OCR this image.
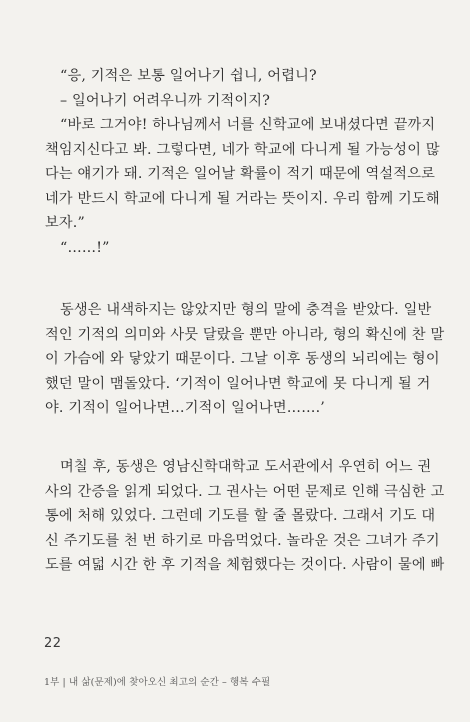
“응, 기적은 보통 일어나기 쉽니, 어렵니?
– 일어나기 어려우니까 기적이지?
“바로 그거야! 하나님께서 너를 신학교에 보내셨다면 끝까지
책임지신다고 봐. 그렇다면, 네가 학교에 다니게 될 가능성이 많
다는 얘기가 돼. 기적은 일어날 확률이 적기 때문에 역설적으로
네가 반드시 학교에 다니게 될 거라는 뜻이지. 우리 함께 기도해
보자.”
“……!”
동생은 내색하지는 않았지만 형의 말에 충격을 받았다. 일반
적인 기적의 의미와 사뭇 달랐을 뿐만 아니라, 형의 확신에 찬 말
이 가슴에 와 닿았기 때문이다. 그날 이후 동생의 뇌리에는 형이
했던 말이 맴돌았다. ‘기적이 일어나면 학교에 못 다니게 될 거
야. 기적이 일어나면…기적이 일어나면…….’
며칠 후, 동생은 영남신학대학교 도서관에서 우연히 어느 권
사의 간증을 읽게 되었다. 그 권사는 어떤 문제로 인해 극심한 고
통에 처해 있었다. 그런데 기도를 할 줄 몰랐다. 그래서 기도 대
신 주기도를 천 번 하기로 마음먹었다. 놀라운 것은 그녀가 주기
도를 여덟 시간 한 후 기적을 체험했다는 것이다. 사람이 물에 빠
22
1부 | 내 삶(문제)에 찾아오신 최고의 순간 – 행복 수필
